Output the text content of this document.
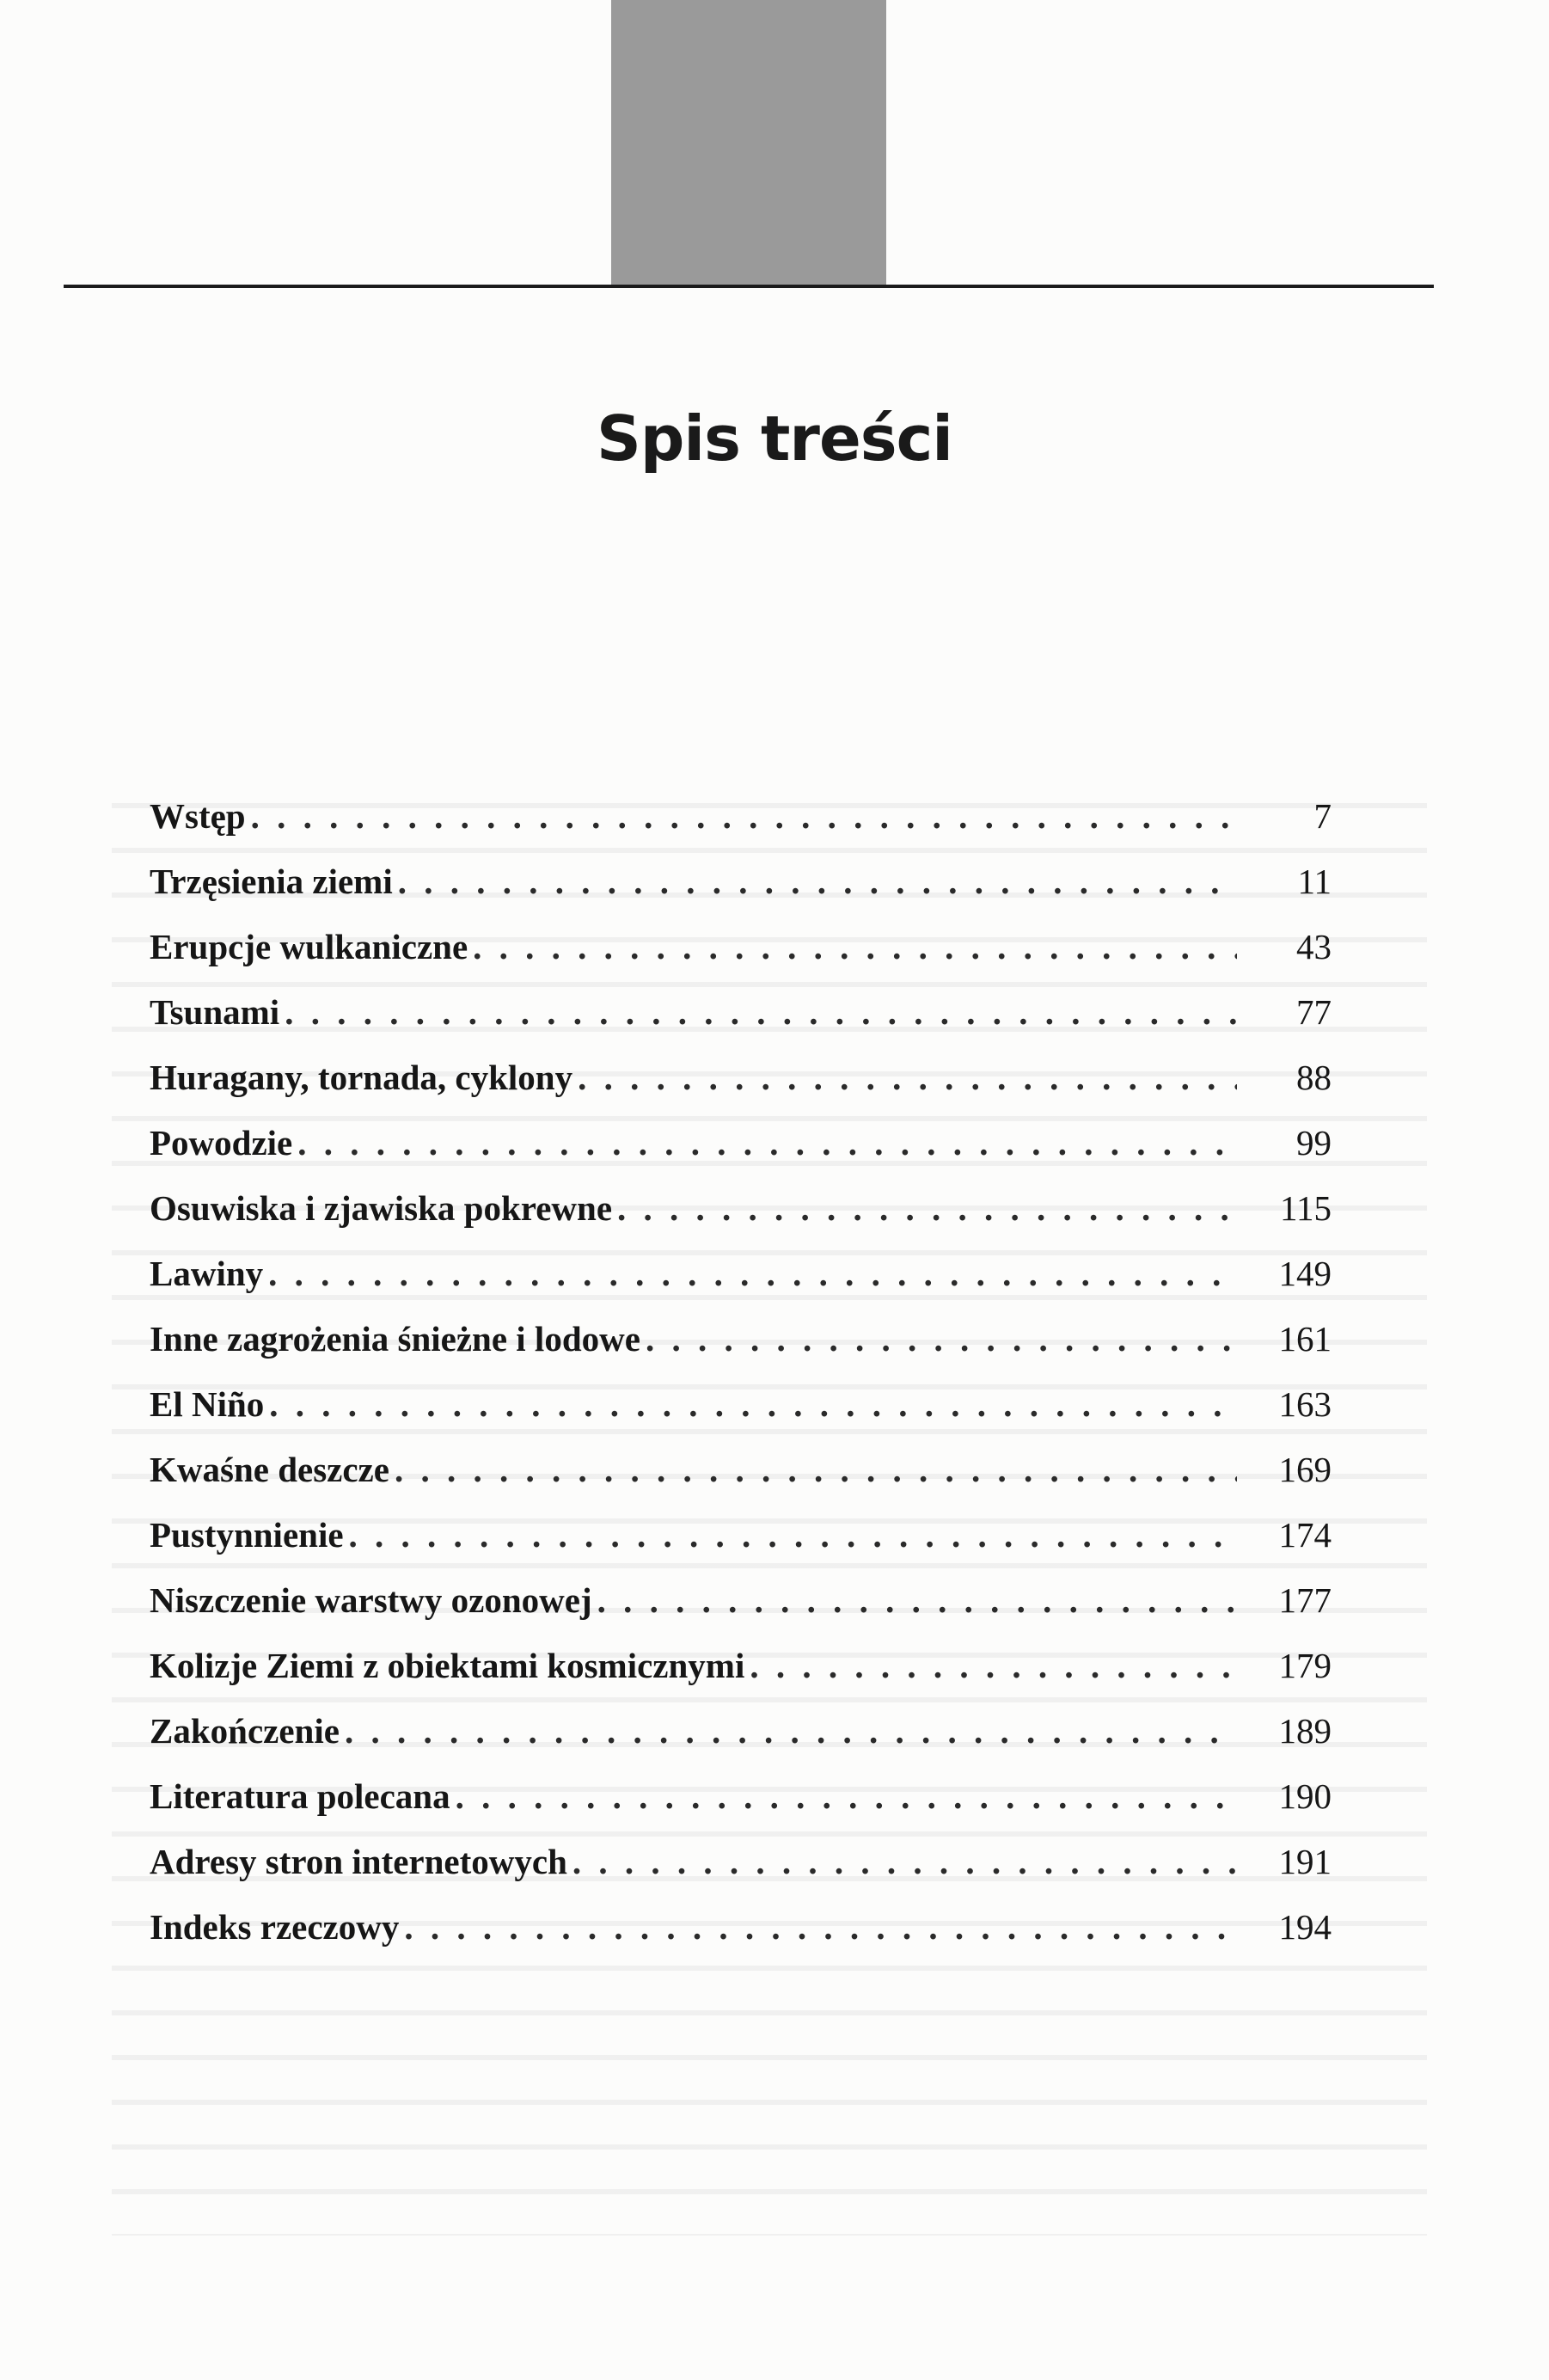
Spis treści
Wstęp . . .	7
Trzęsienia ziemi . . .	11
Erupcje wulkaniczne . . .	43
Tsunami . . .	77
Huragany, tornada, cyklony . . .	88
Powodzie . . .	99
Osuwiska i zjawiska pokrewne . . .	115
Lawiny . . .	149
Inne zagrożenia śnieżne i lodowe . . .	161
El Niño . . .	163
Kwaśne deszcze . . .	169
Pustynnienie . . .	174
Niszczenie warstwy ozonowej . . .	177
Kolizje Ziemi z obiektami kosmicznymi . . .	179
Zakończenie . . .	189
Literatura polecana . . .	190
Adresy stron internetowych . . .	191
Indeks rzeczowy . . .	194
